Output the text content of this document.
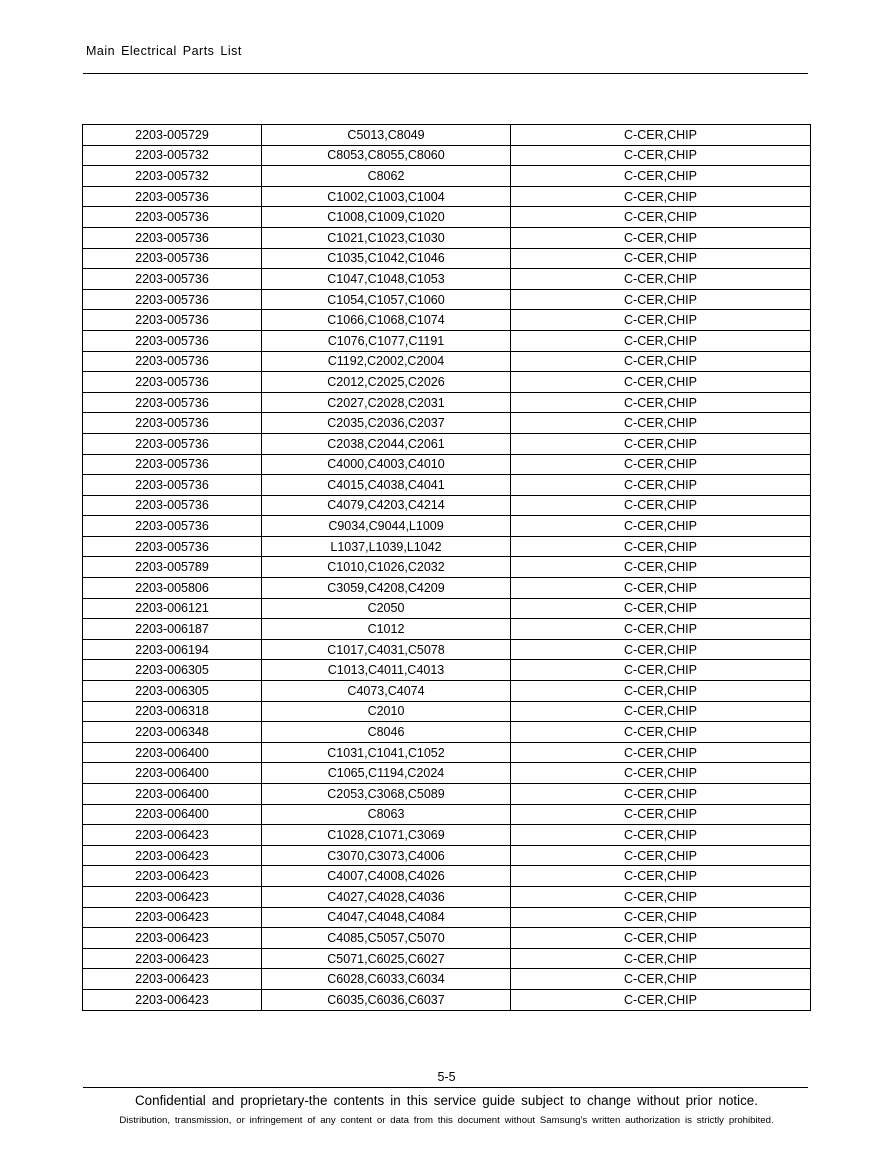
Main Electrical Parts List
2203-005729	C5013,C8049	C-CER,CHIP
2203-005732	C8053,C8055,C8060	C-CER,CHIP
2203-005732	C8062	C-CER,CHIP
2203-005736	C1002,C1003,C1004	C-CER,CHIP
2203-005736	C1008,C1009,C1020	C-CER,CHIP
2203-005736	C1021,C1023,C1030	C-CER,CHIP
2203-005736	C1035,C1042,C1046	C-CER,CHIP
2203-005736	C1047,C1048,C1053	C-CER,CHIP
2203-005736	C1054,C1057,C1060	C-CER,CHIP
2203-005736	C1066,C1068,C1074	C-CER,CHIP
2203-005736	C1076,C1077,C1191	C-CER,CHIP
2203-005736	C1192,C2002,C2004	C-CER,CHIP
2203-005736	C2012,C2025,C2026	C-CER,CHIP
2203-005736	C2027,C2028,C2031	C-CER,CHIP
2203-005736	C2035,C2036,C2037	C-CER,CHIP
2203-005736	C2038,C2044,C2061	C-CER,CHIP
2203-005736	C4000,C4003,C4010	C-CER,CHIP
2203-005736	C4015,C4038,C4041	C-CER,CHIP
2203-005736	C4079,C4203,C4214	C-CER,CHIP
2203-005736	C9034,C9044,L1009	C-CER,CHIP
2203-005736	L1037,L1039,L1042	C-CER,CHIP
2203-005789	C1010,C1026,C2032	C-CER,CHIP
2203-005806	C3059,C4208,C4209	C-CER,CHIP
2203-006121	C2050	C-CER,CHIP
2203-006187	C1012	C-CER,CHIP
2203-006194	C1017,C4031,C5078	C-CER,CHIP
2203-006305	C1013,C4011,C4013	C-CER,CHIP
2203-006305	C4073,C4074	C-CER,CHIP
2203-006318	C2010	C-CER,CHIP
2203-006348	C8046	C-CER,CHIP
2203-006400	C1031,C1041,C1052	C-CER,CHIP
2203-006400	C1065,C1194,C2024	C-CER,CHIP
2203-006400	C2053,C3068,C5089	C-CER,CHIP
2203-006400	C8063	C-CER,CHIP
2203-006423	C1028,C1071,C3069	C-CER,CHIP
2203-006423	C3070,C3073,C4006	C-CER,CHIP
2203-006423	C4007,C4008,C4026	C-CER,CHIP
2203-006423	C4027,C4028,C4036	C-CER,CHIP
2203-006423	C4047,C4048,C4084	C-CER,CHIP
2203-006423	C4085,C5057,C5070	C-CER,CHIP
2203-006423	C5071,C6025,C6027	C-CER,CHIP
2203-006423	C6028,C6033,C6034	C-CER,CHIP
2203-006423	C6035,C6036,C6037	C-CER,CHIP
5-5
Confidential and proprietary-the contents in this service guide subject to change without prior notice.
Distribution, transmission, or infringement of any content or data from this document without Samsung’s written authorization is strictly prohibited.
